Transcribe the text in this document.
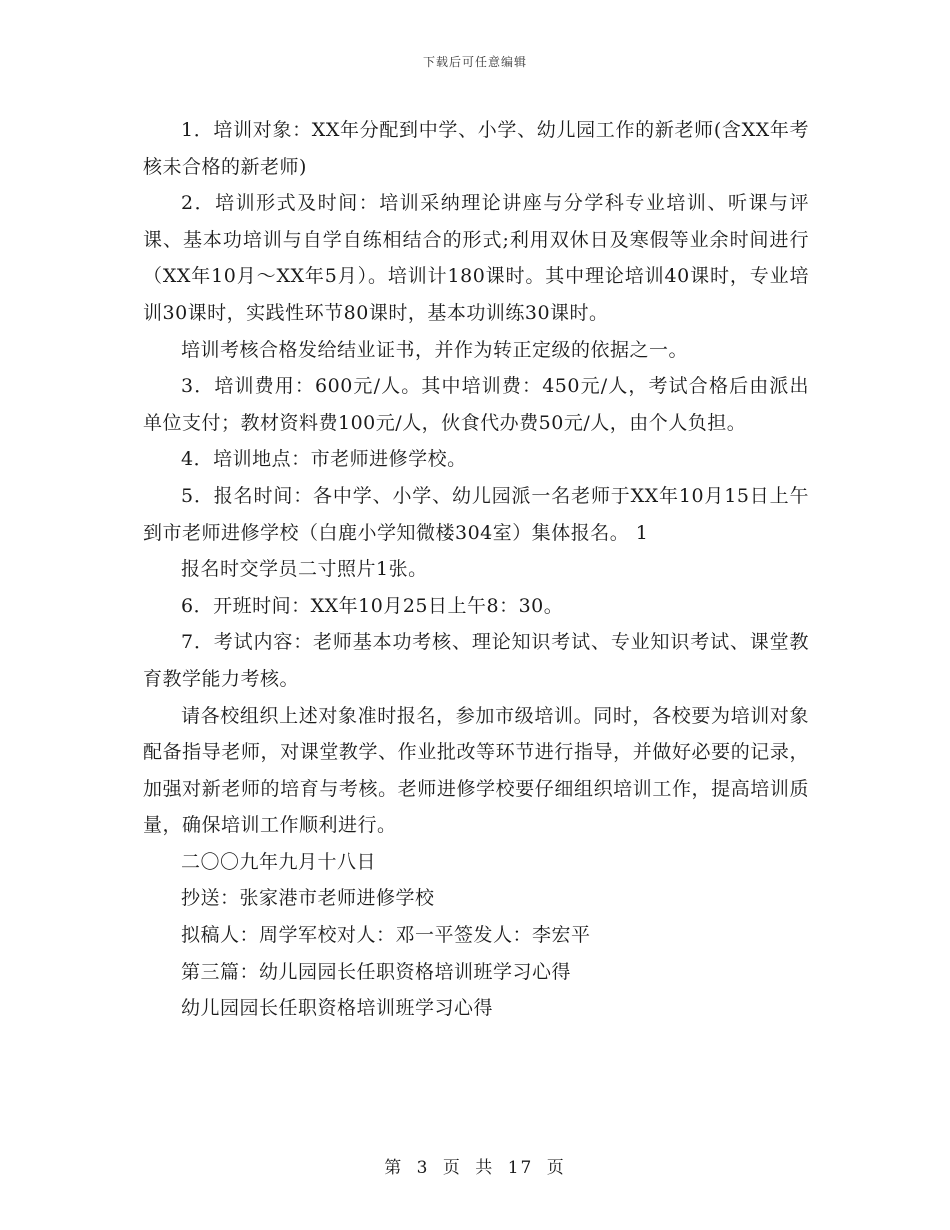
下载后可任意编辑

1．培训对象：XX年分配到中学、小学、幼儿园工作的新老师(含XX年考核未合格的新老师)

2．培训形式及时间：培训采纳理论讲座与分学科专业培训、听课与评课、基本功培训与自学自练相结合的形式;利用双休日及寒假等业余时间进行（XX年10月～XX年5月）。培训计180课时。其中理论培训40课时，专业培训30课时，实践性环节80课时，基本功训练30课时。

培训考核合格发给结业证书，并作为转正定级的依据之一。

3．培训费用：600元/人。其中培训费：450元/人，考试合格后由派出单位支付；教材资料费100元/人，伙食代办费50元/人，由个人负担。

4．培训地点：市老师进修学校。

5．报名时间：各中学、小学、幼儿园派一名老师于XX年10月15日上午到市老师进修学校（白鹿小学知微楼304室）集体报名。 1

报名时交学员二寸照片1张。

6．开班时间：XX年10月25日上午8：30。

7．考试内容：老师基本功考核、理论知识考试、专业知识考试、课堂教育教学能力考核。

请各校组织上述对象准时报名，参加市级培训。同时，各校要为培训对象配备指导老师，对课堂教学、作业批改等环节进行指导，并做好必要的记录，加强对新老师的培育与考核。老师进修学校要仔细组织培训工作，提高培训质量，确保培训工作顺利进行。

二〇〇九年九月十八日

抄送：张家港市老师进修学校

拟稿人：周学军校对人：邓一平签发人：李宏平

第三篇：幼儿园园长任职资格培训班学习心得

幼儿园园长任职资格培训班学习心得

第 3 页 共 17 页
